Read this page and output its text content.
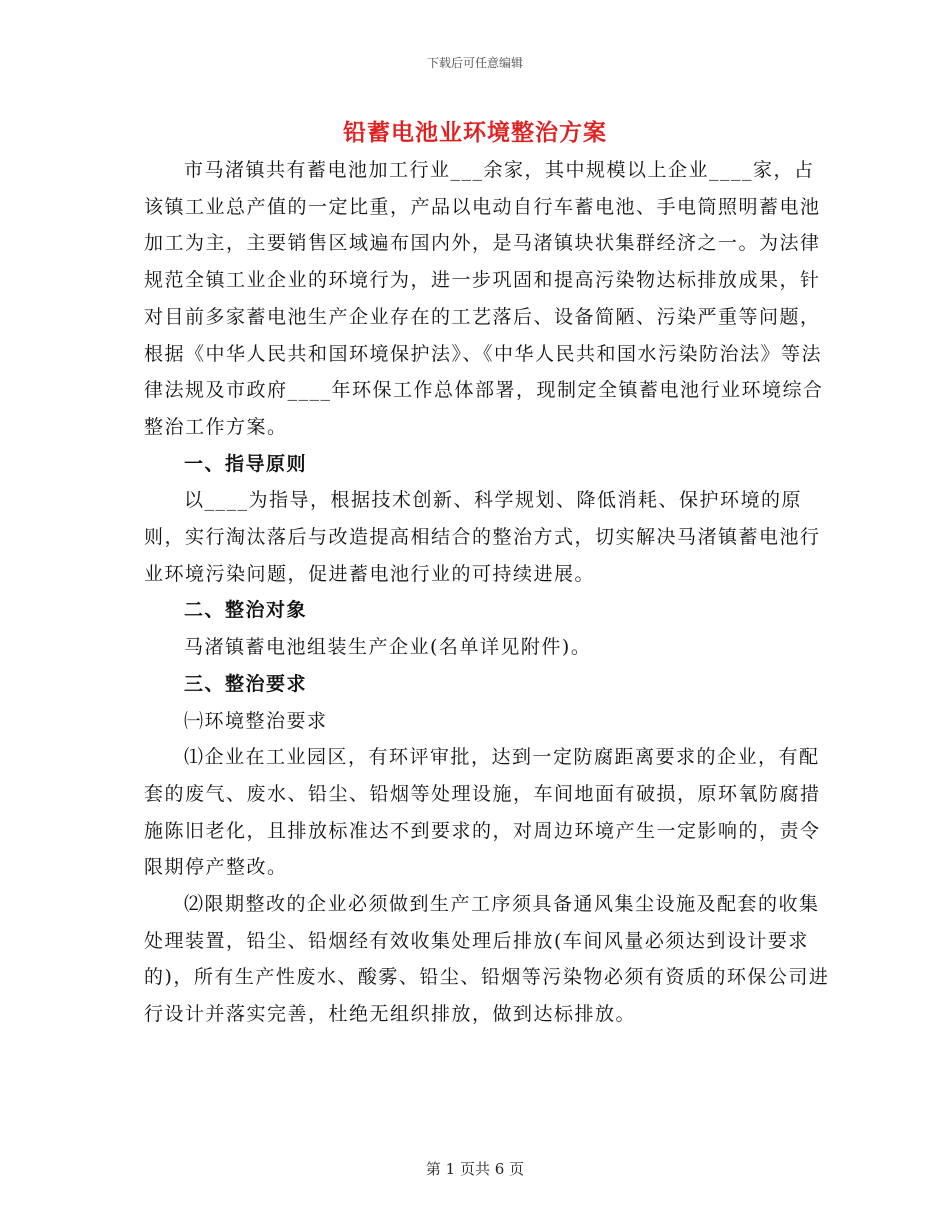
下载后可任意编辑
铅蓄电池业环境整治方案

市马渚镇共有蓄电池加工行业___余家，其中规模以上企业____家，占该镇工业总产值的一定比重，产品以电动自行车蓄电池、手电筒照明蓄电池加工为主，主要销售区域遍布国内外，是马渚镇块状集群经济之一。为法律规范全镇工业企业的环境行为，进一步巩固和提高污染物达标排放成果，针对目前多家蓄电池生产企业存在的工艺落后、设备简陋、污染严重等问题，根据《中华人民共和国环境保护法》、《中华人民共和国水污染防治法》等法律法规及市政府____年环保工作总体部署，现制定全镇蓄电池行业环境综合整治工作方案。

一、指导原则

以____为指导，根据技术创新、科学规划、降低消耗、保护环境的原则，实行淘汰落后与改造提高相结合的整治方式，切实解决马渚镇蓄电池行业环境污染问题，促进蓄电池行业的可持续进展。

二、整治对象

马渚镇蓄电池组装生产企业(名单详见附件)。

三、整治要求

㈠环境整治要求

⑴企业在工业园区，有环评审批，达到一定防腐距离要求的企业，有配套的废气、废水、铅尘、铅烟等处理设施，车间地面有破损，原环氧防腐措施陈旧老化，且排放标准达不到要求的，对周边环境产生一定影响的，责令限期停产整改。

⑵限期整改的企业必须做到生产工序须具备通风集尘设施及配套的收集处理装置，铅尘、铅烟经有效收集处理后排放(车间风量必须达到设计要求的)，所有生产性废水、酸雾、铅尘、铅烟等污染物必须有资质的环保公司进行设计并落实完善，杜绝无组织排放，做到达标排放。

第 1 页共 6 页
